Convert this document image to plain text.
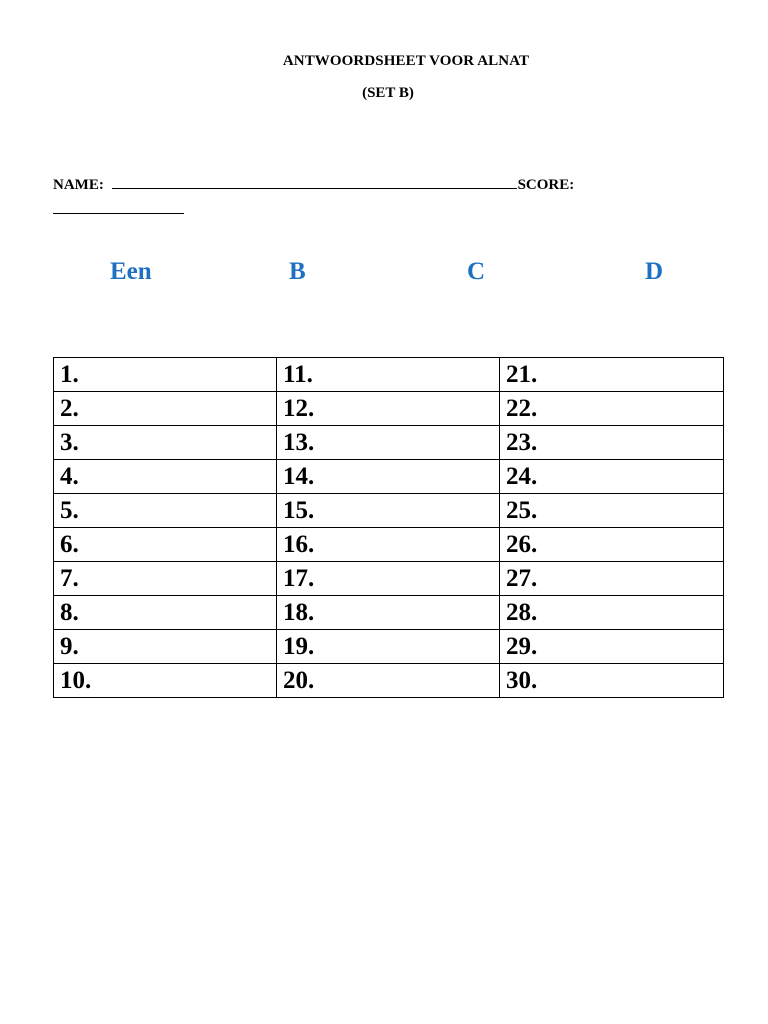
ANTWOORDSHEET VOOR ALNAT
(SET B)
NAME:	SCORE:
Een	B	C	D
1.	11.	21.
2.	12.	22.
3.	13.	23.
4.	14.	24.
5.	15.	25.
6.	16.	26.
7.	17.	27.
8.	18.	28.
9.	19.	29.
10.	20.	30.
